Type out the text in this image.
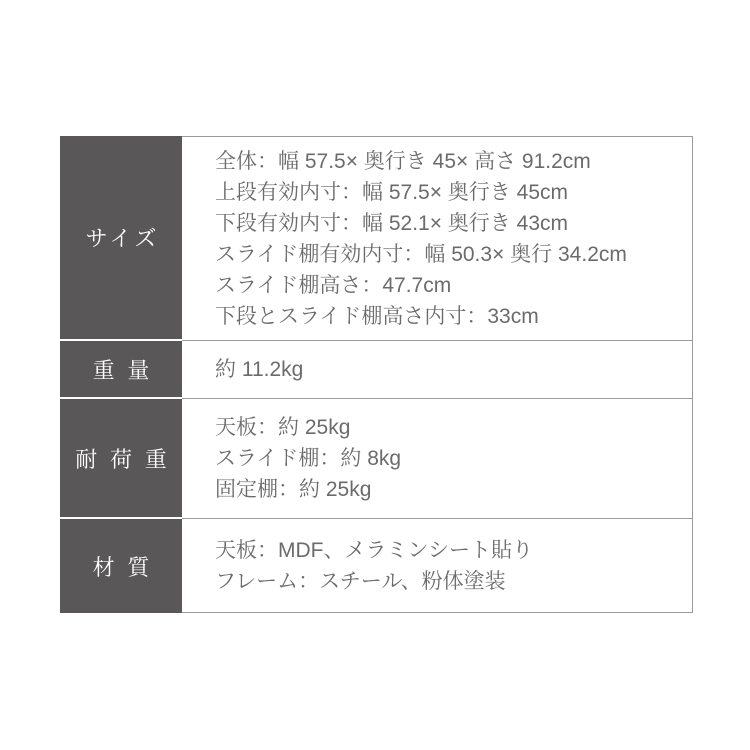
サイズ
全体：幅 57.5× 奥行き 45× 高さ 91.2cm
上段有効内寸：幅 57.5× 奥行き 45cm
下段有効内寸：幅 52.1× 奥行き 43cm
スライド棚有効内寸：幅 50.3× 奥行 34.2cm
スライド棚高さ：47.7cm
下段とスライド棚高さ内寸：33cm
重 量	約 11.2kg
耐 荷 重
天板：約 25kg
スライド棚：約 8kg
固定棚：約 25kg
材 質
天板：MDF、メラミンシート貼り
フレーム：スチール、粉体塗装
